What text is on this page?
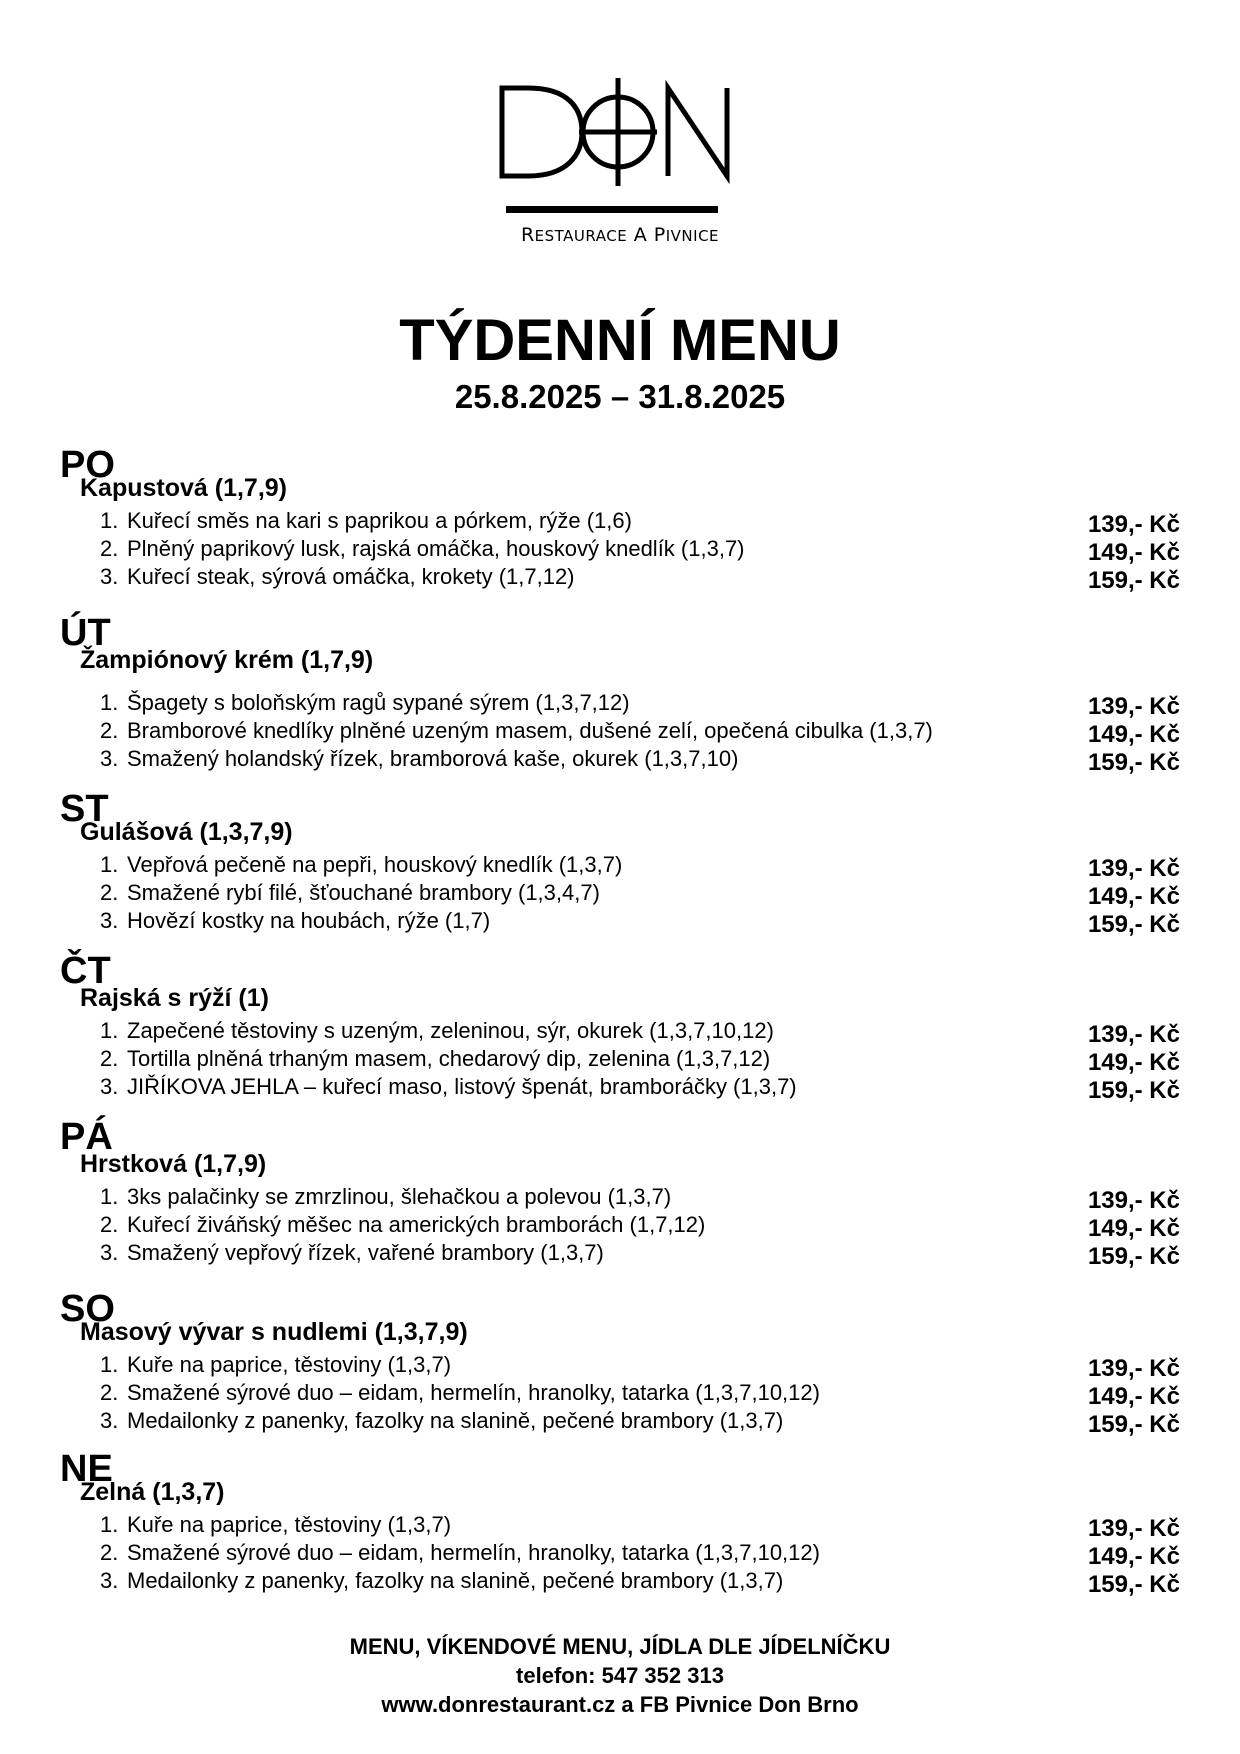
RESTAURACE A PIVNICE
TÝDENNÍ MENU
25.8.2025 – 31.8.2025
PO
Kapustová (1,7,9)
1. Kuřecí směs na kari s paprikou a pórkem, rýže (1,6)	139,- Kč
2. Plněný paprikový lusk, rajská omáčka, houskový knedlík (1,3,7)	149,- Kč
3. Kuřecí steak, sýrová omáčka, krokety (1,7,12)	159,- Kč
ÚT
Žampiónový krém (1,7,9)
1. Špagety s boloňským ragů sypané sýrem (1,3,7,12)	139,- Kč
2. Bramborové knedlíky plněné uzeným masem, dušené zelí, opečená cibulka (1,3,7)	149,- Kč
3. Smažený holandský řízek, bramborová kaše, okurek (1,3,7,10)	159,- Kč
ST
Gulášová (1,3,7,9)
1. Vepřová pečeně na pepři, houskový knedlík (1,3,7)	139,- Kč
2. Smažené rybí filé, šťouchané brambory (1,3,4,7)	149,- Kč
3. Hovězí kostky na houbách, rýže (1,7)	159,- Kč
ČT
Rajská s rýží (1)
1. Zapečené těstoviny s uzeným, zeleninou, sýr, okurek (1,3,7,10,12)	139,- Kč
2. Tortilla plněná trhaným masem, chedarový dip, zelenina (1,3,7,12)	149,- Kč
3. JIŘÍKOVA JEHLA – kuřecí maso, listový špenát, bramboráčky (1,3,7)	159,- Kč
PÁ
Hrstková (1,7,9)
1. 3ks palačinky se zmrzlinou, šlehačkou a polevou (1,3,7)	139,- Kč
2. Kuřecí živáňský měšec na amerických bramborách (1,7,12)	149,- Kč
3. Smažený vepřový řízek, vařené brambory (1,3,7)	159,- Kč
SO
Masový vývar s nudlemi (1,3,7,9)
1. Kuře na paprice, těstoviny (1,3,7)	139,- Kč
2. Smažené sýrové duo – eidam, hermelín, hranolky, tatarka (1,3,7,10,12)	149,- Kč
3. Medailonky z panenky, fazolky na slanině, pečené brambory (1,3,7)	159,- Kč
NE
Zelná (1,3,7)
1. Kuře na paprice, těstoviny (1,3,7)	139,- Kč
2. Smažené sýrové duo – eidam, hermelín, hranolky, tatarka (1,3,7,10,12)	149,- Kč
3. Medailonky z panenky, fazolky na slanině, pečené brambory (1,3,7)	159,- Kč
MENU, VÍKENDOVÉ MENU, JÍDLA DLE JÍDELNÍČKU
telefon: 547 352 313
www.donrestaurant.cz a FB Pivnice Don Brno
